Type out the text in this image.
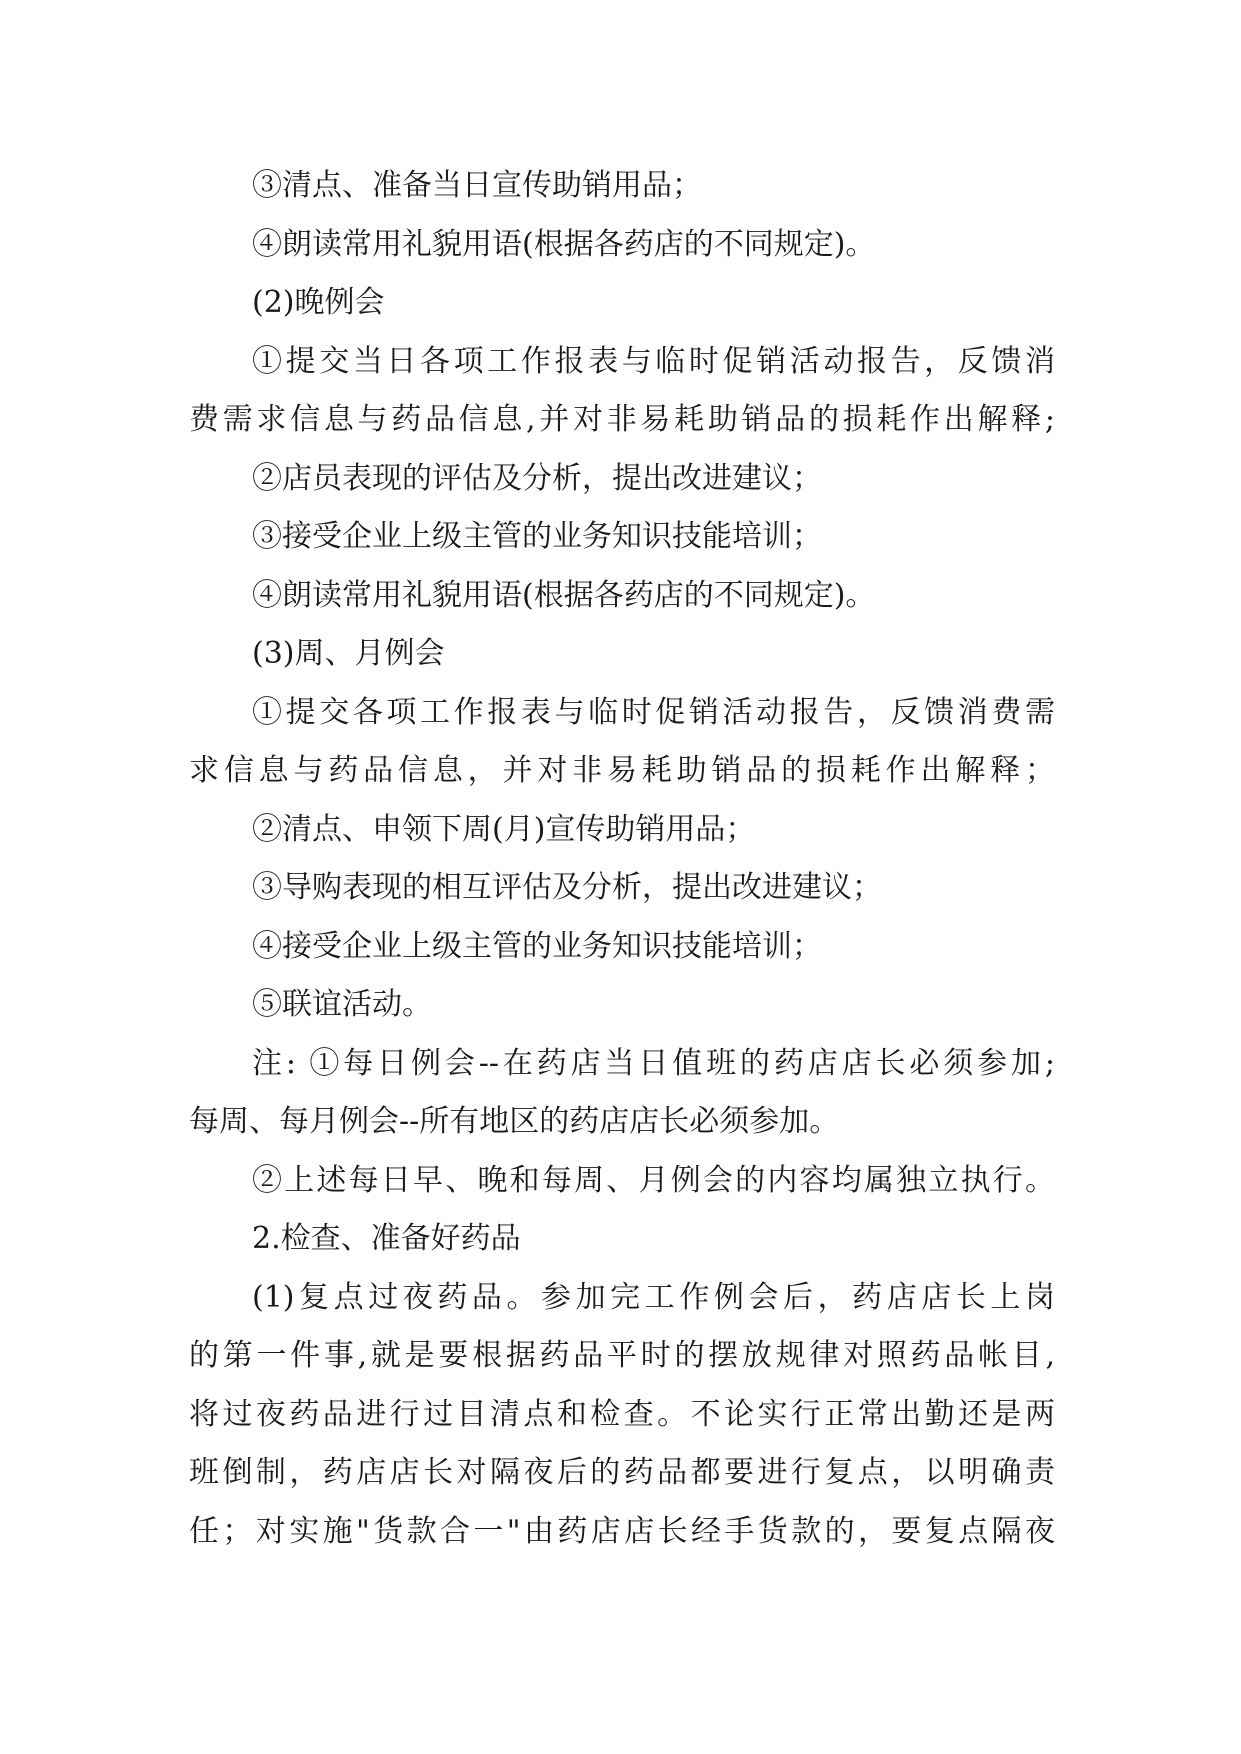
③清点、准备当日宣传助销用品；
④朗读常用礼貌用语(根据各药店的不同规定)。
(2)晚例会
①提交当日各项工作报表与临时促销活动报告，反馈消
费需求信息与药品信息,并对非易耗助销品的损耗作出解释;
②店员表现的评估及分析，提出改进建议；
③接受企业上级主管的业务知识技能培训；
④朗读常用礼貌用语(根据各药店的不同规定)。
(3)周、月例会
①提交各项工作报表与临时促销活动报告，反馈消费需
求信息与药品信息，并对非易耗助销品的损耗作出解释；
②清点、申领下周(月)宣传助销用品；
③导购表现的相互评估及分析，提出改进建议；
④接受企业上级主管的业务知识技能培训；
⑤联谊活动。
注: ①每日例会--在药店当日值班的药店店长必须参加;
每周、每月例会--所有地区的药店店长必须参加。
②上述每日早、晚和每周、月例会的内容均属独立执行。
2.检查、准备好药品
(1)复点过夜药品。参加完工作例会后，药店店长上岗
的第一件事,就是要根据药品平时的摆放规律对照药品帐目,
将过夜药品进行过目清点和检查。不论实行正常出勤还是两
班倒制，药店店长对隔夜后的药品都要进行复点，以明确责
任；对实施"货款合一"由药店店长经手货款的，要复点隔夜
